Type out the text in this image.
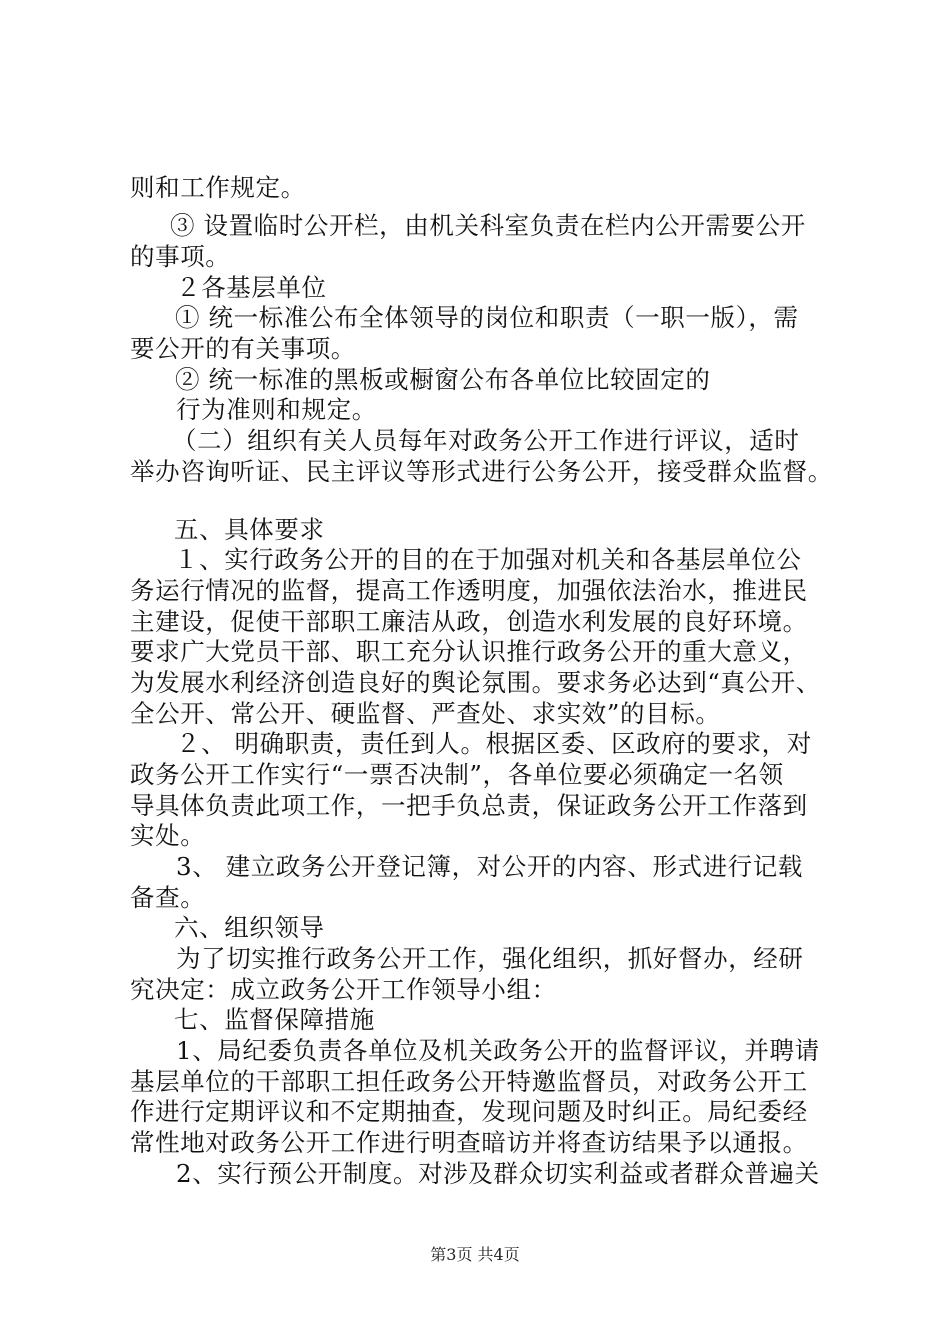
则和工作规定。
③ 设置临时公开栏，由机关科室负责在栏内公开需要公开
的事项。
２各基层单位
① 统一标准公布全体领导的岗位和职责（一职一版），需
要公开的有关事项。
② 统一标准的黑板或橱窗公布各单位比较固定的
行为准则和规定。
（二）组织有关人员每年对政务公开工作进行评议，适时
举办咨询听证、民主评议等形式进行公务公开，接受群众监督。
五、具体要求
１、实行政务公开的目的在于加强对机关和各基层单位公
务运行情况的监督，提高工作透明度，加强依法治水，推进民
主建设，促使干部职工廉洁从政，创造水利发展的良好环境。
要求广大党员干部、职工充分认识推行政务公开的重大意义，
为发展水利经济创造良好的舆论氛围。要求务必达到“真公开、
全公开、常公开、硬监督、严查处、求实效”的目标。
２、 明确职责，责任到人。根据区委、区政府的要求，对
政务公开工作实行“一票否决制”，各单位要必须确定一名领
导具体负责此项工作，一把手负总责，保证政务公开工作落到
实处。
3、 建立政务公开登记簿，对公开的内容、形式进行记载
备查。
六、组织领导
为了切实推行政务公开工作，强化组织，抓好督办，经研
究决定：成立政务公开工作领导小组：
七、监督保障措施
1、局纪委负责各单位及机关政务公开的监督评议，并聘请
基层单位的干部职工担任政务公开特邀监督员，对政务公开工
作进行定期评议和不定期抽查，发现问题及时纠正。局纪委经
常性地对政务公开工作进行明查暗访并将查访结果予以通报。
2、实行预公开制度。对涉及群众切实利益或者群众普遍关
第3页 共4页
